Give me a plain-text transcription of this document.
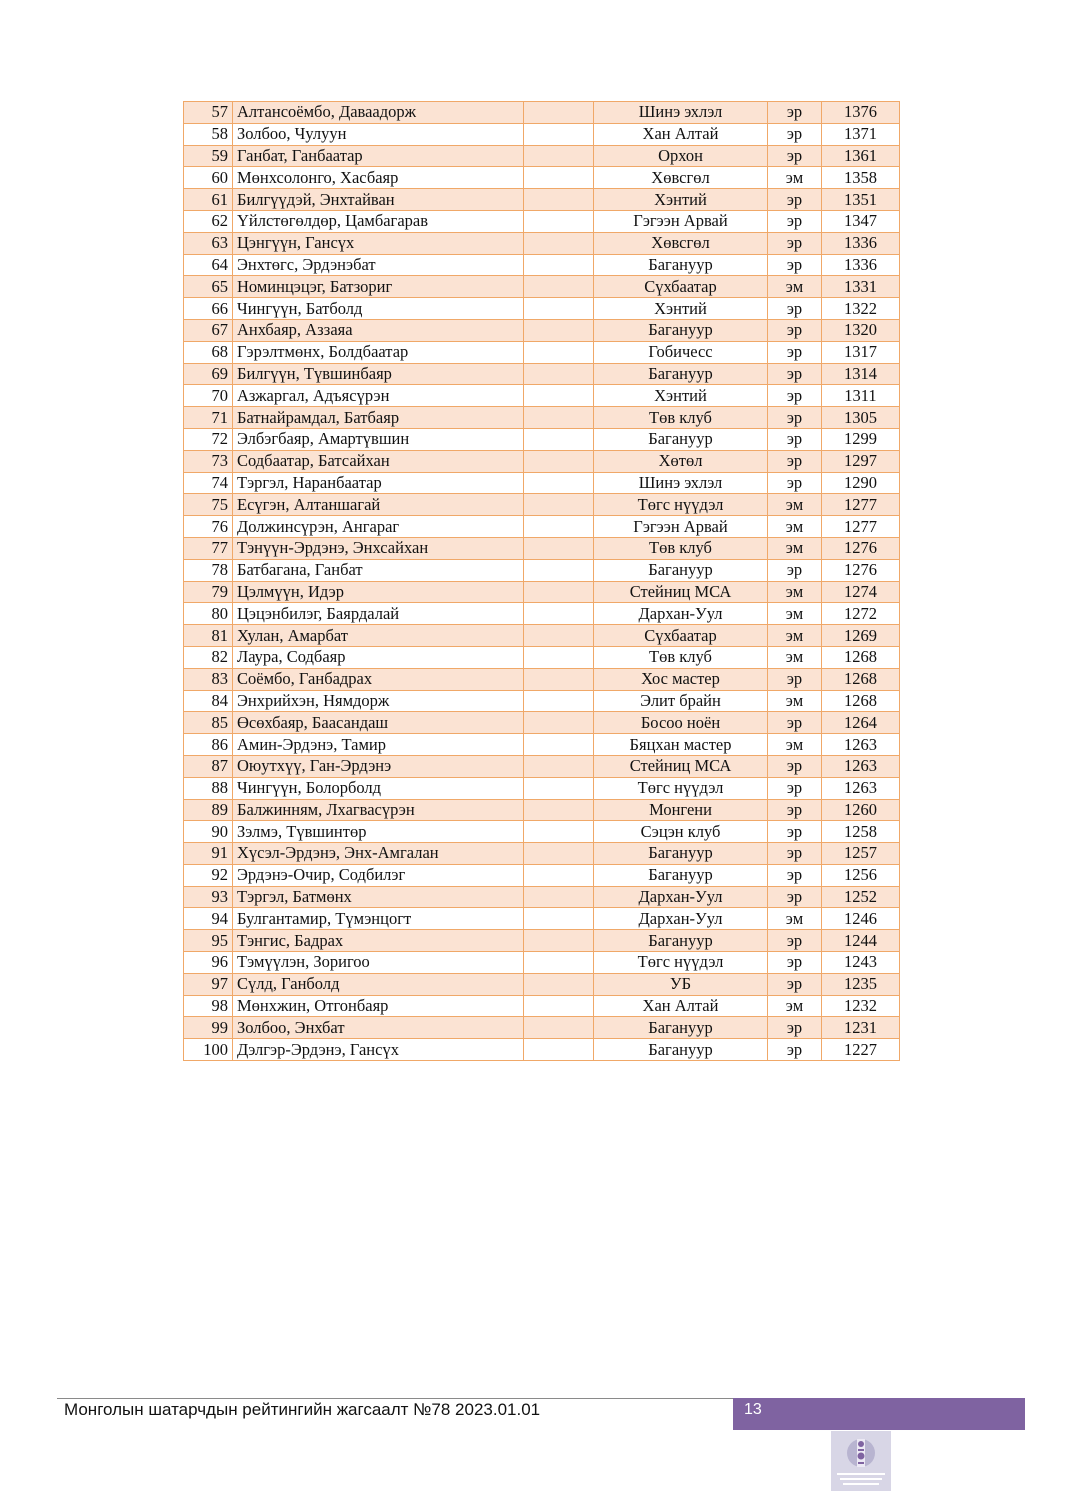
57	Алтансоёмбо, Даваадорж		Шинэ эхлэл	эр	1376
58	Золбоо, Чулуун		Хан Алтай	эр	1371
59	Ганбат, Ганбаатар		Орхон	эр	1361
60	Мөнхсолонго, Хасбаяр		Хөвсгөл	эм	1358
61	Билгүүдэй, Энхтайван		Хэнтий	эр	1351
62	Үйлстөгөлдөр, Цамбагарав		Гэгээн Арвай	эр	1347
63	Цэнгүүн, Гансүх		Хөвсгөл	эр	1336
64	Энхтөгс, Эрдэнэбат		Багануур	эр	1336
65	Номинцэцэг, Батзориг		Сүхбаатар	эм	1331
66	Чингүүн, Батболд		Хэнтий	эр	1322
67	Анхбаяр, Аззаяа		Багануур	эр	1320
68	Гэрэлтмөнх, Болдбаатар		Гобичесс	эр	1317
69	Билгүүн, Түвшинбаяр		Багануур	эр	1314
70	Азжаргал, Адъясүрэн		Хэнтий	эр	1311
71	Батнайрамдал, Батбаяр		Төв клуб	эр	1305
72	Элбэгбаяр, Амартүвшин		Багануур	эр	1299
73	Содбаатар, Батсайхан		Хөтөл	эр	1297
74	Тэргэл, Наранбаатар		Шинэ эхлэл	эр	1290
75	Есүгэн, Алтаншагай		Төгс нүүдэл	эм	1277
76	Должинсүрэн, Ангараг		Гэгээн Арвай	эм	1277
77	Тэнүүн-Эрдэнэ, Энхсайхан		Төв клуб	эм	1276
78	Батбагана, Ганбат		Багануур	эр	1276
79	Цэлмүүн, Идэр		Стейниц МСА	эм	1274
80	Цэцэнбилэг, Баярдалай		Дархан-Уул	эм	1272
81	Хулан, Амарбат		Сүхбаатар	эм	1269
82	Лаура, Содбаяр		Төв клуб	эм	1268
83	Соёмбо, Ганбадрах		Хос мастер	эр	1268
84	Энхрийхэн, Нямдорж		Элит брайн	эм	1268
85	Өсөхбаяр, Баасандаш		Босоо ноён	эр	1264
86	Амин-Эрдэнэ, Тамир		Бяцхан мастер	эм	1263
87	Оюутхүү, Ган-Эрдэнэ		Стейниц МСА	эр	1263
88	Чингүүн, Болорболд		Төгс нүүдэл	эр	1263
89	Балжинням, Лхагвасүрэн		Монгени	эр	1260
90	Зэлмэ, Түвшинтөр		Сэцэн клуб	эр	1258
91	Хүсэл-Эрдэнэ, Энх-Амгалан		Багануур	эр	1257
92	Эрдэнэ-Очир, Содбилэг		Багануур	эр	1256
93	Тэргэл, Батмөнх		Дархан-Уул	эр	1252
94	Булгантамир, Түмэнцогт		Дархан-Уул	эм	1246
95	Тэнгис, Бадрах		Багануур	эр	1244
96	Тэмүүлэн, Зоригоо		Төгс нүүдэл	эр	1243
97	Сүлд, Ганболд		УБ	эр	1235
98	Мөнхжин, Отгонбаяр		Хан Алтай	эм	1232
99	Золбоо, Энхбат		Багануур	эр	1231
100	Дэлгэр-Эрдэнэ, Гансүх		Багануур	эр	1227
Монголын шатарчдын рейтингийн жагсаалт №78 2023.01.01	13
